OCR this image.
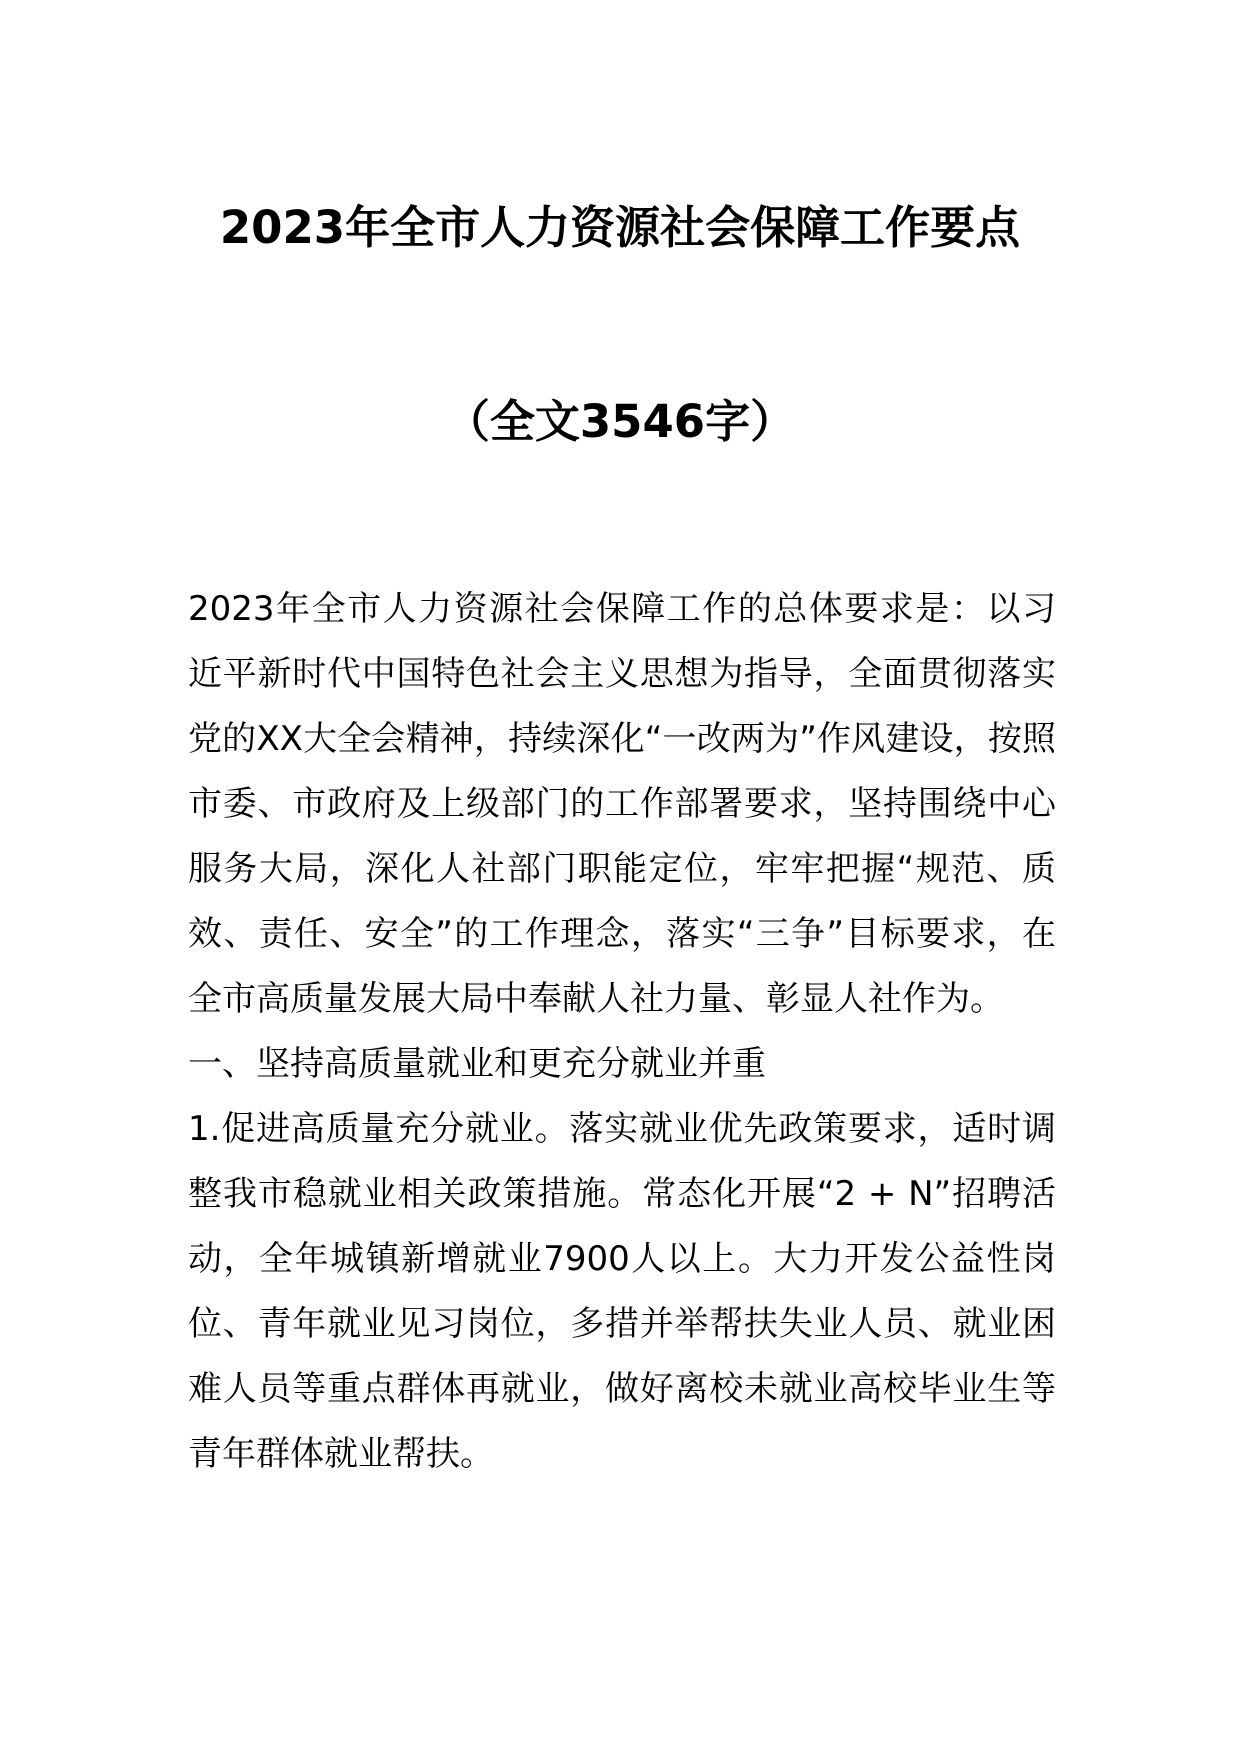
2023年全市人力资源社会保障工作要点
（全文3546字）

2023年全市人力资源社会保障工作的总体要求是：以习近平新时代中国特色社会主义思想为指导，全面贯彻落实党的XX大全会精神，持续深化“一改两为”作风建设，按照市委、市政府及上级部门的工作部署要求，坚持围绕中心服务大局，深化人社部门职能定位，牢牢把握“规范、质效、责任、安全”的工作理念，落实“三争”目标要求，在全市高质量发展大局中奉献人社力量、彰显人社作为。

一、坚持高质量就业和更充分就业并重

1.促进高质量充分就业。落实就业优先政策要求，适时调整我市稳就业相关政策措施。常态化开展“2 + N”招聘活动，全年城镇新增就业7900人以上。大力开发公益性岗位、青年就业见习岗位，多措并举帮扶失业人员、就业困难人员等重点群体再就业，做好离校未就业高校毕业生等青年群体就业帮扶。
